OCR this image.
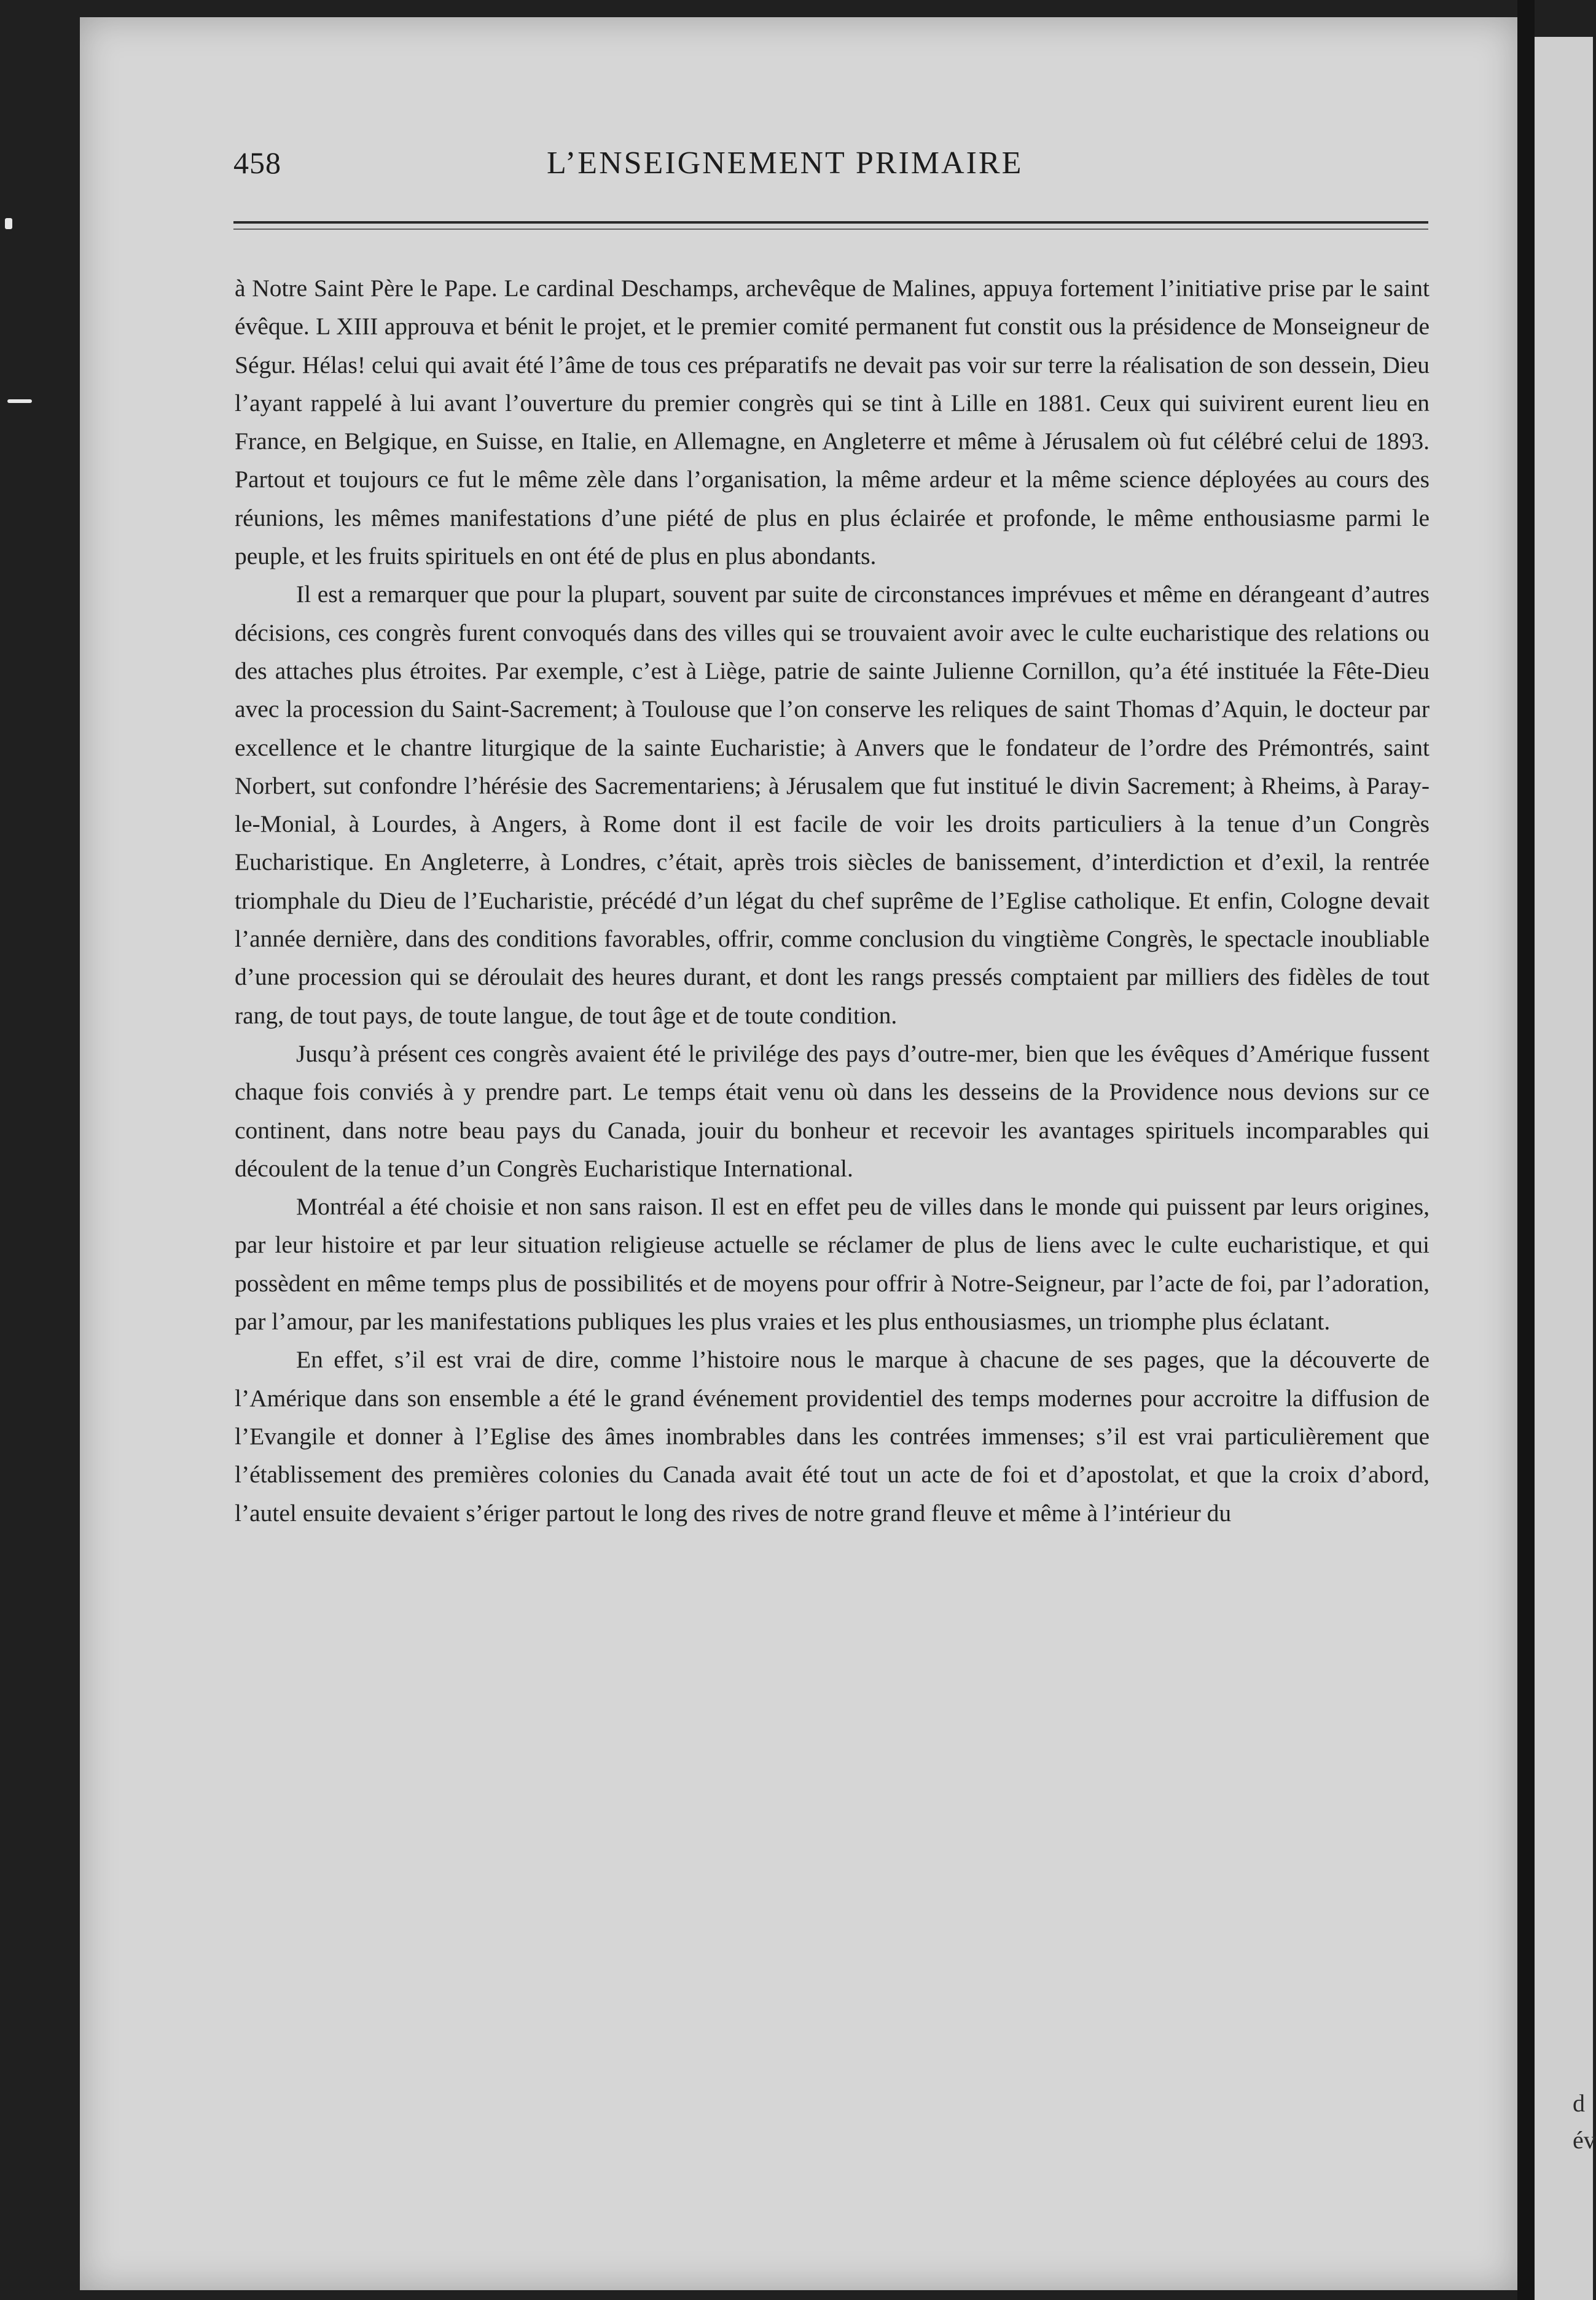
d
év
458	L’ENSEIGNEMENT PRIMAIRE

à Notre Saint Père le Pape. Le cardinal Deschamps, archevêque de Malines, appuya fortement l’initiative prise par le saint évêque. L XIII approuva et bénit le projet, et le premier comité permanent fut constit ous la présidence de Monseigneur de Ségur. Hélas! celui qui avait été l’âme de tous ces préparatifs ne devait pas voir sur terre la réalisation de son dessein, Dieu l’ayant rappelé à lui avant l’ouverture du premier congrès qui se tint à Lille en 1881. Ceux qui suivirent eurent lieu en France, en Belgique, en Suisse, en Italie, en Allemagne, en Angleterre et même à Jérusalem où fut célébré celui de 1893. Partout et toujours ce fut le même zèle dans l’organisation, la même ardeur et la même science déployées au cours des réunions, les mêmes manifestations d’une piété de plus en plus éclairée et profonde, le même enthousiasme parmi le peuple, et les fruits spirituels en ont été de plus en plus abondants.

Il est a remarquer que pour la plupart, souvent par suite de circonstances imprévues et même en dérangeant d’autres décisions, ces congrès furent convoqués dans des villes qui se trouvaient avoir avec le culte eucharistique des relations ou des attaches plus étroites. Par exemple, c’est à Liège, patrie de sainte Julienne Cornillon, qu’a été instituée la Fête-Dieu avec la procession du Saint-Sacrement; à Toulouse que l’on conserve les reliques de saint Thomas d’Aquin, le docteur par excellence et le chantre liturgique de la sainte Eucharistie; à Anvers que le fondateur de l’ordre des Prémontrés, saint Norbert, sut confondre l’hérésie des Sacrementariens; à Jérusalem que fut institué le divin Sacrement; à Rheims, à Paray-le-Monial, à Lourdes, à Angers, à Rome dont il est facile de voir les droits particuliers à la tenue d’un Congrès Eucharistique. En Angleterre, à Londres, c’était, après trois siècles de banissement, d’interdiction et d’exil, la rentrée triomphale du Dieu de l’Eucharistie, précédé d’un légat du chef suprême de l’Eglise catholique. Et enfin, Cologne devait l’année dernière, dans des conditions favorables, offrir, comme conclusion du vingtième Congrès, le spectacle inoubliable d’une procession qui se déroulait des heures durant, et dont les rangs pressés comptaient par milliers des fidèles de tout rang, de tout pays, de toute langue, de tout âge et de toute condition.

Jusqu’à présent ces congrès avaient été le privilége des pays d’outre-mer, bien que les évêques d’Amérique fussent chaque fois conviés à y prendre part. Le temps était venu où dans les desseins de la Providence nous devions sur ce continent, dans notre beau pays du Canada, jouir du bonheur et recevoir les avantages spirituels incomparables qui découlent de la tenue d’un Congrès Eucharistique International.

Montréal a été choisie et non sans raison. Il est en effet peu de villes dans le monde qui puissent par leurs origines, par leur histoire et par leur situation religieuse actuelle se réclamer de plus de liens avec le culte eucharistique, et qui possèdent en même temps plus de possibilités et de moyens pour offrir à Notre-Seigneur, par l’acte de foi, par l’adoration, par l’amour, par les manifestations publiques les plus vraies et les plus enthousiasmes, un triomphe plus éclatant.

En effet, s’il est vrai de dire, comme l’histoire nous le marque à chacune de ses pages, que la découverte de l’Amérique dans son ensemble a été le grand événement providentiel des temps modernes pour accroitre la diffusion de l’Evangile et donner à l’Eglise des âmes inombrables dans les contrées immenses; s’il est vrai particulièrement que l’établissement des premières colonies du Canada avait été tout un acte de foi et d’apostolat, et que la croix d’abord, l’autel ensuite devaient s’ériger partout le long des rives de notre grand fleuve et même à l’intérieur du
